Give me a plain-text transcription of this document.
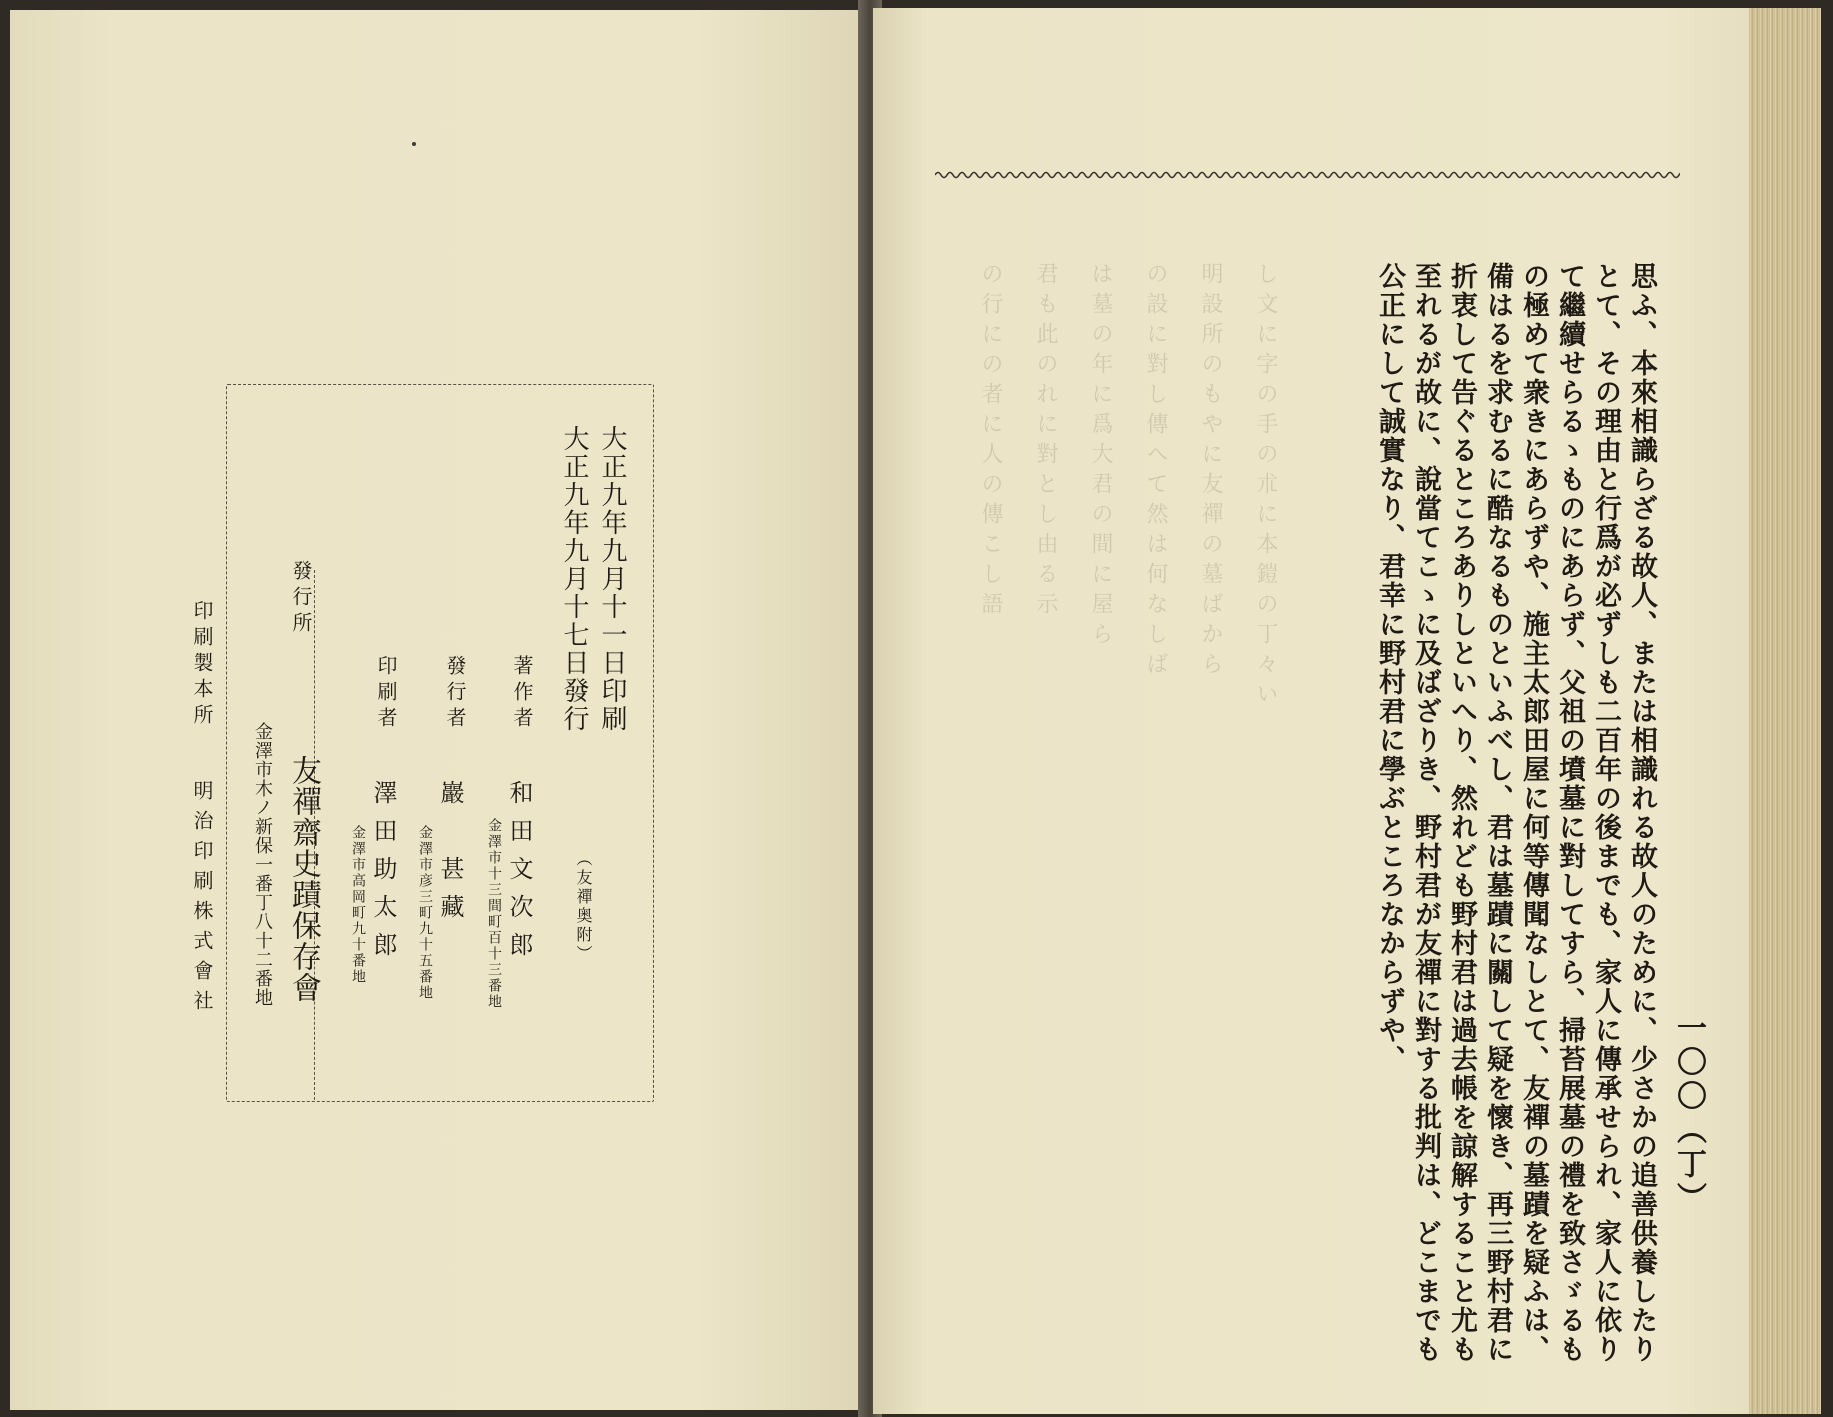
大正九年九月十一日印刷
大正九年九月十七日發行
（友禪奥附）
著作者
和田文次郎
金澤市十三間町百十三番地
發行者
巖　甚藏
金澤市彦三町九十五番地
印刷者
澤田助太郎
金澤市高岡町九十番地
發行所
友禪齋史蹟保存會
金澤市木ノ新保一番丁八十二番地
印刷製本所
明治印刷株式會社
し文に字の手の朮に本鎧の丁々い
明設所のもやに友禪の墓ばから
の設に對し傳へて然は何なしば
は墓の年に爲大君の間に屋ら
君も此のれに對とし由る示
の行にの者に人の傳こし語	思ふ、本來相識らざる故人、または相識れる故人のために、少さかの追善供養したり
とて、その理由と行爲が必ずしも二百年の後までも、家人に傳承せられ、家人に依り
て繼續せらるゝものにあらず、父祖の墳墓に對してすら、掃苔展墓の禮を致さゞるも
の極めて衆きにあらずや、施主太郎田屋に何等傳聞なしとて、友禪の墓蹟を疑ふは、
備はるを求むるに酷なるものといふべし、君は墓蹟に關して疑を懷き、再三野村君に
折衷して告ぐるところありしといへり、然れども野村君は過去帳を諒解すること尤も
至れるが故に、說當てこゝに及ばざりき、野村君が友禪に對する批判は、どこまでも
公正にして誠實なり、君幸に野村君に學ぶところなからずや、
一〇〇（丁）
